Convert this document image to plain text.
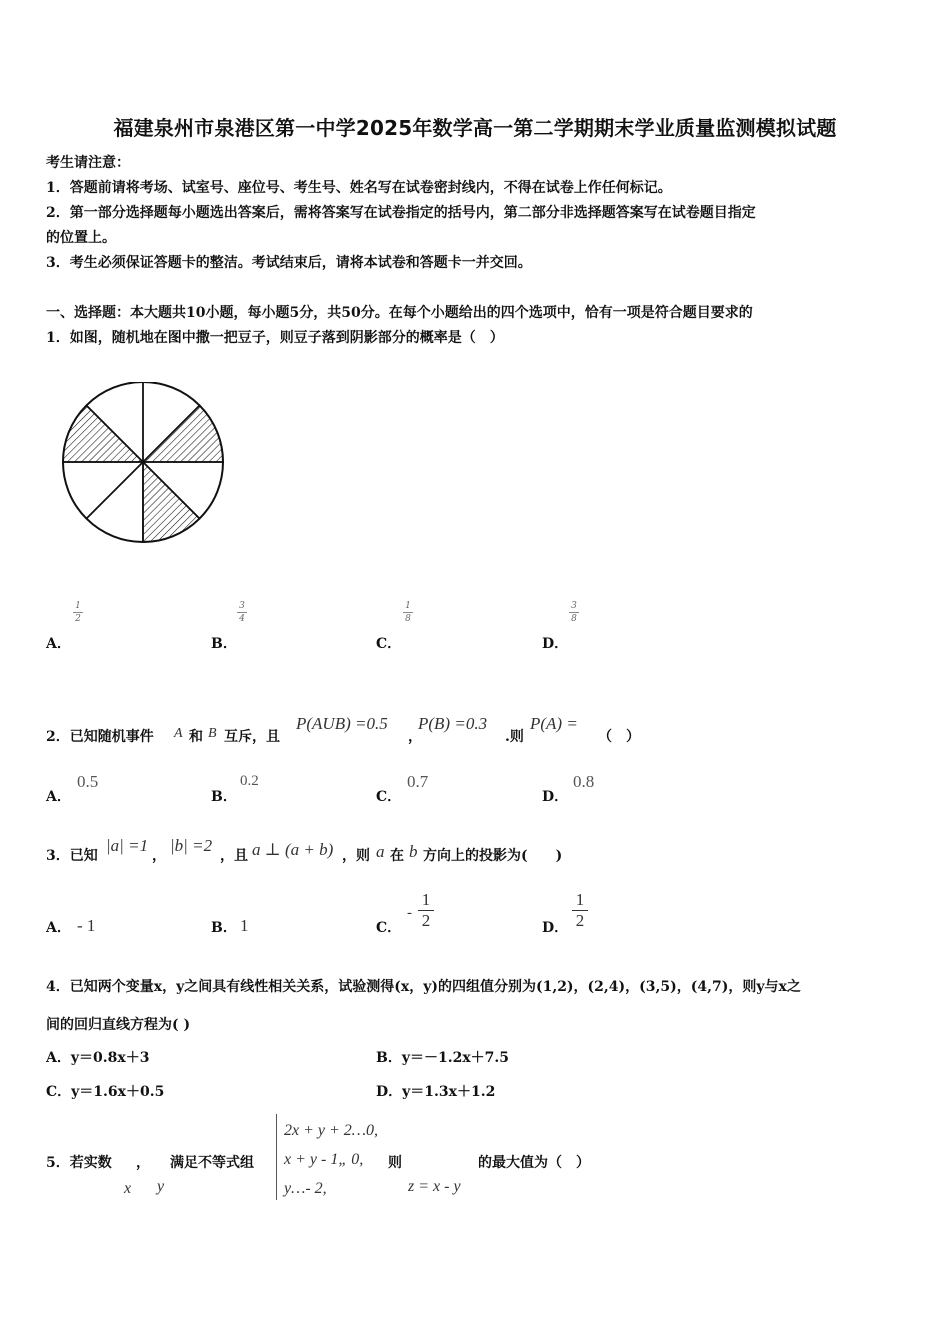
福建泉州市泉港区第一中学2025年数学高一第二学期期末学业质量监测模拟试题
考生请注意：
1．答题前请将考场、试室号、座位号、考生号、姓名写在试卷密封线内，不得在试卷上作任何标记。
2．第一部分选择题每小题选出答案后，需将答案写在试卷指定的括号内，第二部分非选择题答案写在试卷题目指定
的位置上。
3．考生必须保证答题卡的整洁。考试结束后，请将本试卷和答题卡一并交回。
一、选择题：本大题共10小题，每小题5分，共50分。在每个小题给出的四个选项中，恰有一项是符合题目要求的
1．如图，随机地在图中撒一把豆子，则豆子落到阴影部分的概率是（　）
A．
1
2
B．
3
4
C．
1
8
D．
3
8
2．已知随机事件 A 和 B 互斥，且
P(AUB) =0.5
，
P(B) =0.3
.则
P(A) =
（　）
A．
0.5
B．
0.2
C．
0.7
D．
0.8
3．已知
|a| =1
，
|b| =2
，且 a ⊥ (a + b) ，则 a 在 b 方向上的投影为(　　)
A． - 1	B． 1	C．
-
1
2	D．
1
2
4．已知两个变量x，y之间具有线性相关关系，试验测得(x，y)的四组值分别为(1,2)，(2,4)，(3,5)，(4,7)，则y与x之
间的回归直线方程为( )
A．y＝0.8x＋3	B．y＝－1.2x＋7.5
C．y＝1.6x＋0.5	D．y＝1.3x＋1.2
5．若实数 ， 满足不等式组
x y
2x + y + 2…0,
x + y - 1„ 0,
y…- 2,
则
z = x - y
的最大值为（　）
